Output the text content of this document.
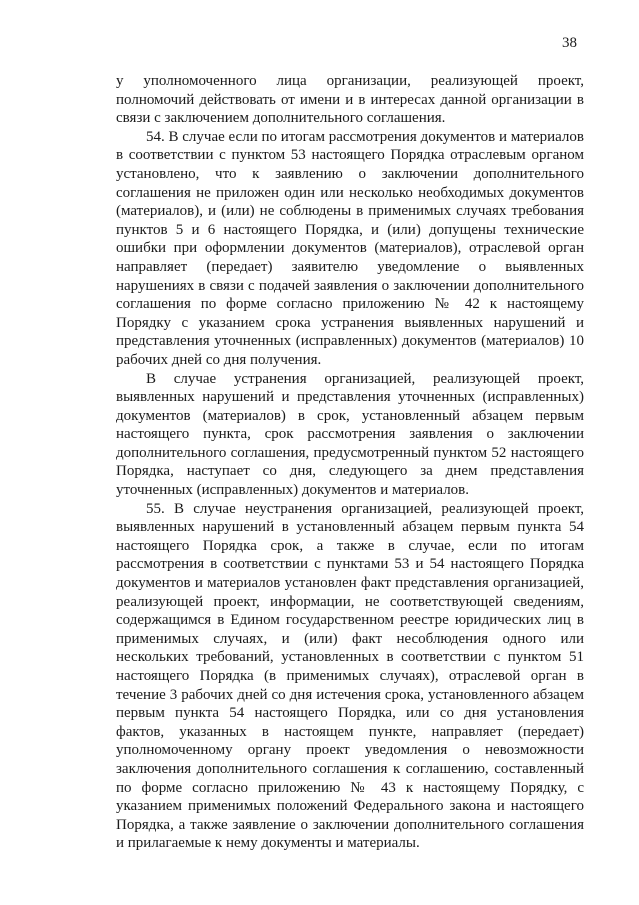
38

у уполномоченного лица организации, реализующей проект, полномочий действовать от имени и в интересах данной организации в связи с заключением дополнительного соглашения.

54. В случае если по итогам рассмотрения документов и материалов в соответствии с пунктом 53 настоящего Порядка отраслевым органом установлено, что к заявлению о заключении дополнительного соглашения не приложен один или несколько необходимых документов (материалов), и (или) не соблюдены в применимых случаях требования пунктов 5 и 6 настоящего Порядка, и (или) допущены технические ошибки при оформлении документов (материалов), отраслевой орган направляет (передает) заявителю уведомление о выявленных нарушениях в связи с подачей заявления о заключении дополнительного соглашения по форме согласно приложению № 42 к настоящему Порядку с указанием срока устранения выявленных нарушений и представления уточненных (исправленных) документов (материалов) 10 рабочих дней со дня получения.

В случае устранения организацией, реализующей проект, выявленных нарушений и представления уточненных (исправленных) документов (материалов) в срок, установленный абзацем первым настоящего пункта, срок рассмотрения заявления о заключении дополнительного соглашения, предусмотренный пунктом 52 настоящего Порядка, наступает со дня, следующего за днем представления уточненных (исправленных) документов и материалов.

55. В случае неустранения организацией, реализующей проект, выявленных нарушений в установленный абзацем первым пункта 54 настоящего Порядка срок, а также в случае, если по итогам рассмотрения в соответствии с пунктами 53 и 54 настоящего Порядка документов и материалов установлен факт представления организацией, реализующей проект, информации, не соответствующей сведениям, содержащимся в Едином государственном реестре юридических лиц в применимых случаях, и (или) факт несоблюдения одного или нескольких требований, установленных в соответствии с пунктом 51 настоящего Порядка (в применимых случаях), отраслевой орган в течение 3 рабочих дней со дня истечения срока, установленного абзацем первым пункта 54 настоящего Порядка, или со дня установления фактов, указанных в настоящем пункте, направляет (передает) уполномоченному органу проект уведомления о невозможности заключения дополнительного соглашения к соглашению, составленный по форме согласно приложению № 43 к настоящему Порядку, с указанием применимых положений Федерального закона и настоящего Порядка, а также заявление о заключении дополнительного соглашения и прилагаемые к нему документы и материалы.
